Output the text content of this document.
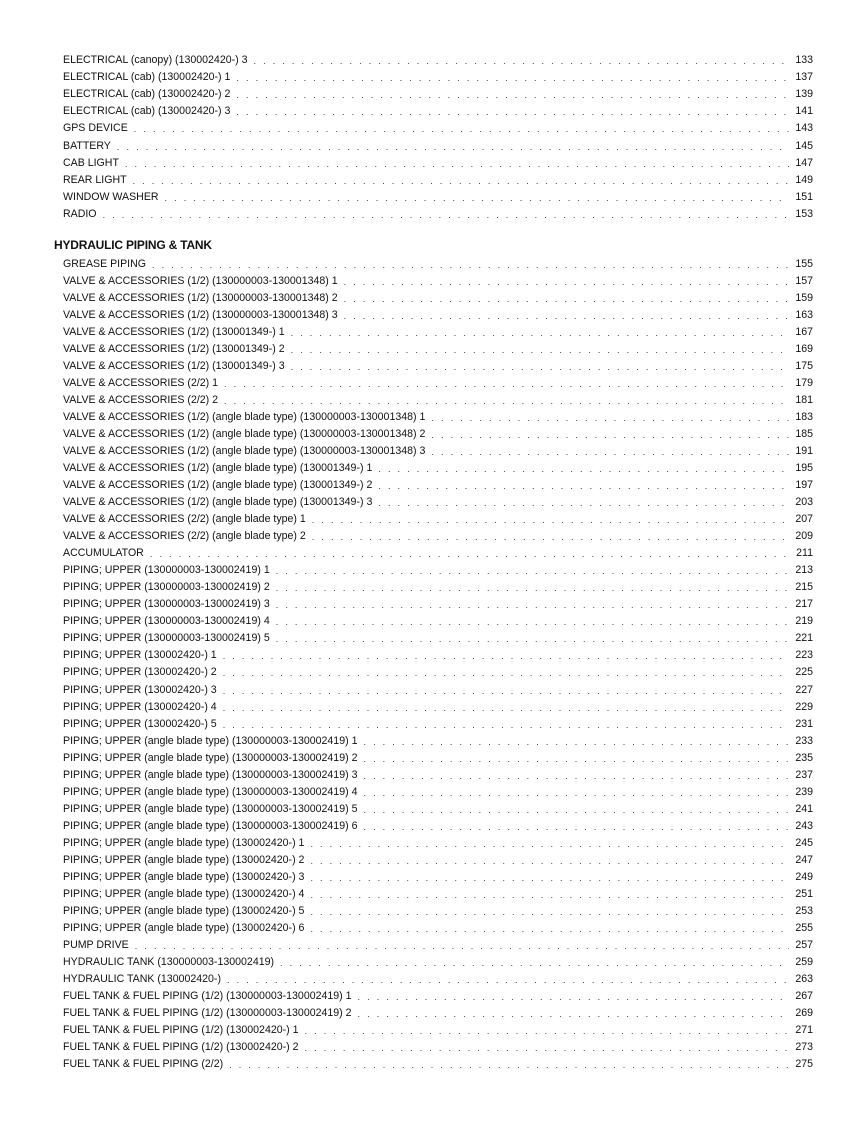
ELECTRICAL (canopy) (130002420-) 3 . . .	133
ELECTRICAL (cab) (130002420-) 1 . . .	137
ELECTRICAL (cab) (130002420-) 2 . . .	139
ELECTRICAL (cab) (130002420-) 3 . . .	141
GPS DEVICE . . .	143
BATTERY . . .	145
CAB LIGHT . . .	147
REAR LIGHT . . .	149
WINDOW WASHER . . .	151
RADIO . . .	153
HYDRAULIC PIPING & TANK
GREASE PIPING . . .	155
VALVE & ACCESSORIES (1/2) (130000003-130001348) 1 . . .	157
VALVE & ACCESSORIES (1/2) (130000003-130001348) 2 . . .	159
VALVE & ACCESSORIES (1/2) (130000003-130001348) 3 . . .	163
VALVE & ACCESSORIES (1/2) (130001349-) 1 . . .	167
VALVE & ACCESSORIES (1/2) (130001349-) 2 . . .	169
VALVE & ACCESSORIES (1/2) (130001349-) 3 . . .	175
VALVE & ACCESSORIES (2/2) 1 . . .	179
VALVE & ACCESSORIES (2/2) 2 . . .	181
VALVE & ACCESSORIES (1/2) (angle blade type) (130000003-130001348) 1 . . .	183
VALVE & ACCESSORIES (1/2) (angle blade type) (130000003-130001348) 2 . . .	185
VALVE & ACCESSORIES (1/2) (angle blade type) (130000003-130001348) 3 . . .	191
VALVE & ACCESSORIES (1/2) (angle blade type) (130001349-) 1 . . .	195
VALVE & ACCESSORIES (1/2) (angle blade type) (130001349-) 2 . . .	197
VALVE & ACCESSORIES (1/2) (angle blade type) (130001349-) 3 . . .	203
VALVE & ACCESSORIES (2/2) (angle blade type) 1 . . .	207
VALVE & ACCESSORIES (2/2) (angle blade type) 2 . . .	209
ACCUMULATOR . . .	211
PIPING; UPPER (130000003-130002419) 1 . . .	213
PIPING; UPPER (130000003-130002419) 2 . . .	215
PIPING; UPPER (130000003-130002419) 3 . . .	217
PIPING; UPPER (130000003-130002419) 4 . . .	219
PIPING; UPPER (130000003-130002419) 5 . . .	221
PIPING; UPPER (130002420-) 1 . . .	223
PIPING; UPPER (130002420-) 2 . . .	225
PIPING; UPPER (130002420-) 3 . . .	227
PIPING; UPPER (130002420-) 4 . . .	229
PIPING; UPPER (130002420-) 5 . . .	231
PIPING; UPPER (angle blade type) (130000003-130002419) 1 . . .	233
PIPING; UPPER (angle blade type) (130000003-130002419) 2 . . .	235
PIPING; UPPER (angle blade type) (130000003-130002419) 3 . . .	237
PIPING; UPPER (angle blade type) (130000003-130002419) 4 . . .	239
PIPING; UPPER (angle blade type) (130000003-130002419) 5 . . .	241
PIPING; UPPER (angle blade type) (130000003-130002419) 6 . . .	243
PIPING; UPPER (angle blade type) (130002420-) 1 . . .	245
PIPING; UPPER (angle blade type) (130002420-) 2 . . .	247
PIPING; UPPER (angle blade type) (130002420-) 3 . . .	249
PIPING; UPPER (angle blade type) (130002420-) 4 . . .	251
PIPING; UPPER (angle blade type) (130002420-) 5 . . .	253
PIPING; UPPER (angle blade type) (130002420-) 6 . . .	255
PUMP DRIVE . . .	257
HYDRAULIC TANK (130000003-130002419) . . .	259
HYDRAULIC TANK (130002420-) . . .	263
FUEL TANK & FUEL PIPING (1/2) (130000003-130002419) 1 . . .	267
FUEL TANK & FUEL PIPING (1/2) (130000003-130002419) 2 . . .	269
FUEL TANK & FUEL PIPING (1/2) (130002420-) 1 . . .	271
FUEL TANK & FUEL PIPING (1/2) (130002420-) 2 . . .	273
FUEL TANK & FUEL PIPING (2/2) . . .	275
